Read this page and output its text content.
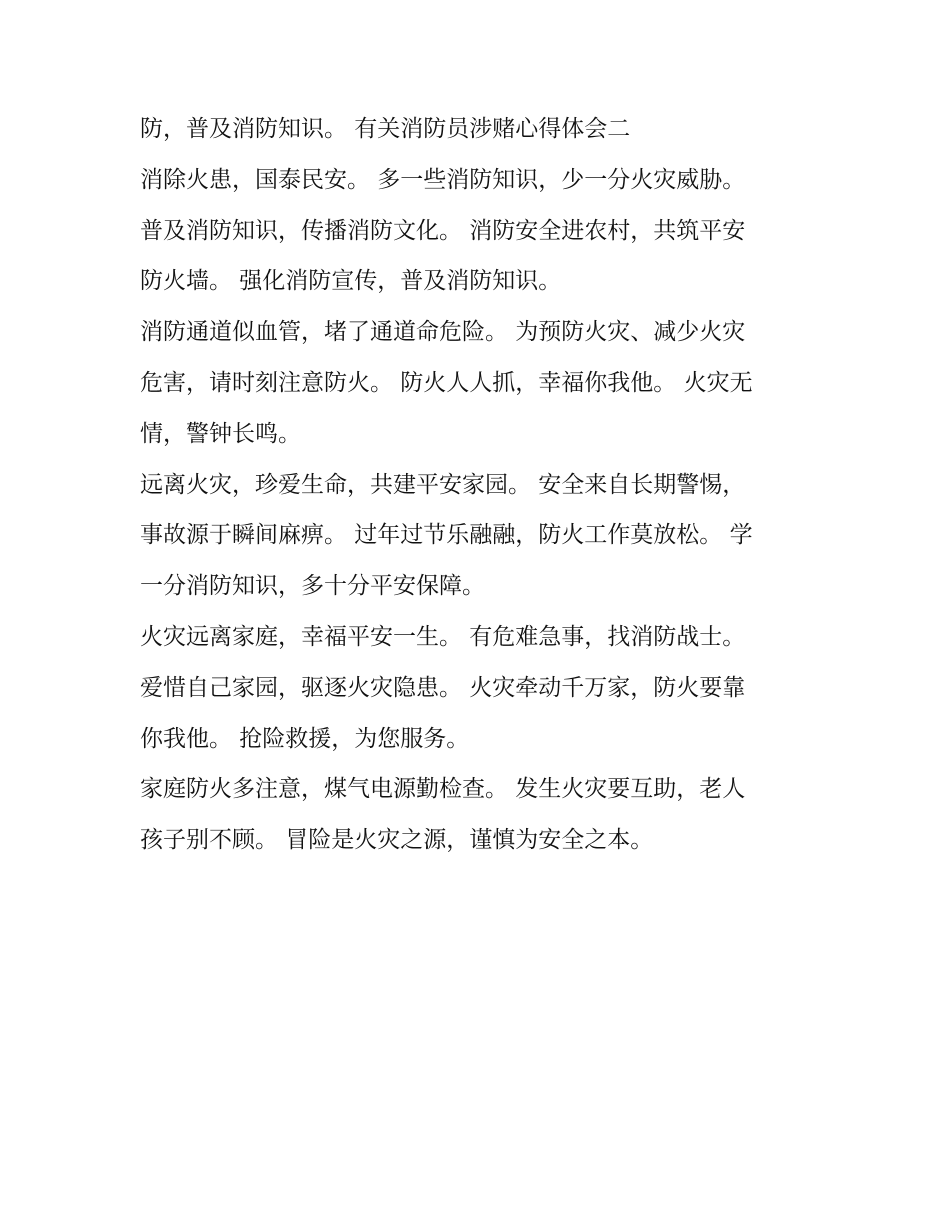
防，普及消防知识。 有关消防员涉赌心得体会二
消除火患，国泰民安。 多一些消防知识，少一分火灾威胁。
普及消防知识，传播消防文化。 消防安全进农村，共筑平安
防火墙。 强化消防宣传，普及消防知识。
消防通道似血管，堵了通道命危险。 为预防火灾、减少火灾
危害，请时刻注意防火。 防火人人抓，幸福你我他。 火灾无
情，警钟长鸣。
远离火灾，珍爱生命，共建平安家园。 安全来自长期警惕，
事故源于瞬间麻痹。 过年过节乐融融，防火工作莫放松。 学
一分消防知识，多十分平安保障。
火灾远离家庭，幸福平安一生。 有危难急事，找消防战士。
爱惜自己家园，驱逐火灾隐患。 火灾牵动千万家，防火要靠
你我他。 抢险救援，为您服务。
家庭防火多注意，煤气电源勤检查。 发生火灾要互助，老人
孩子别不顾。 冒险是火灾之源，谨慎为安全之本。
